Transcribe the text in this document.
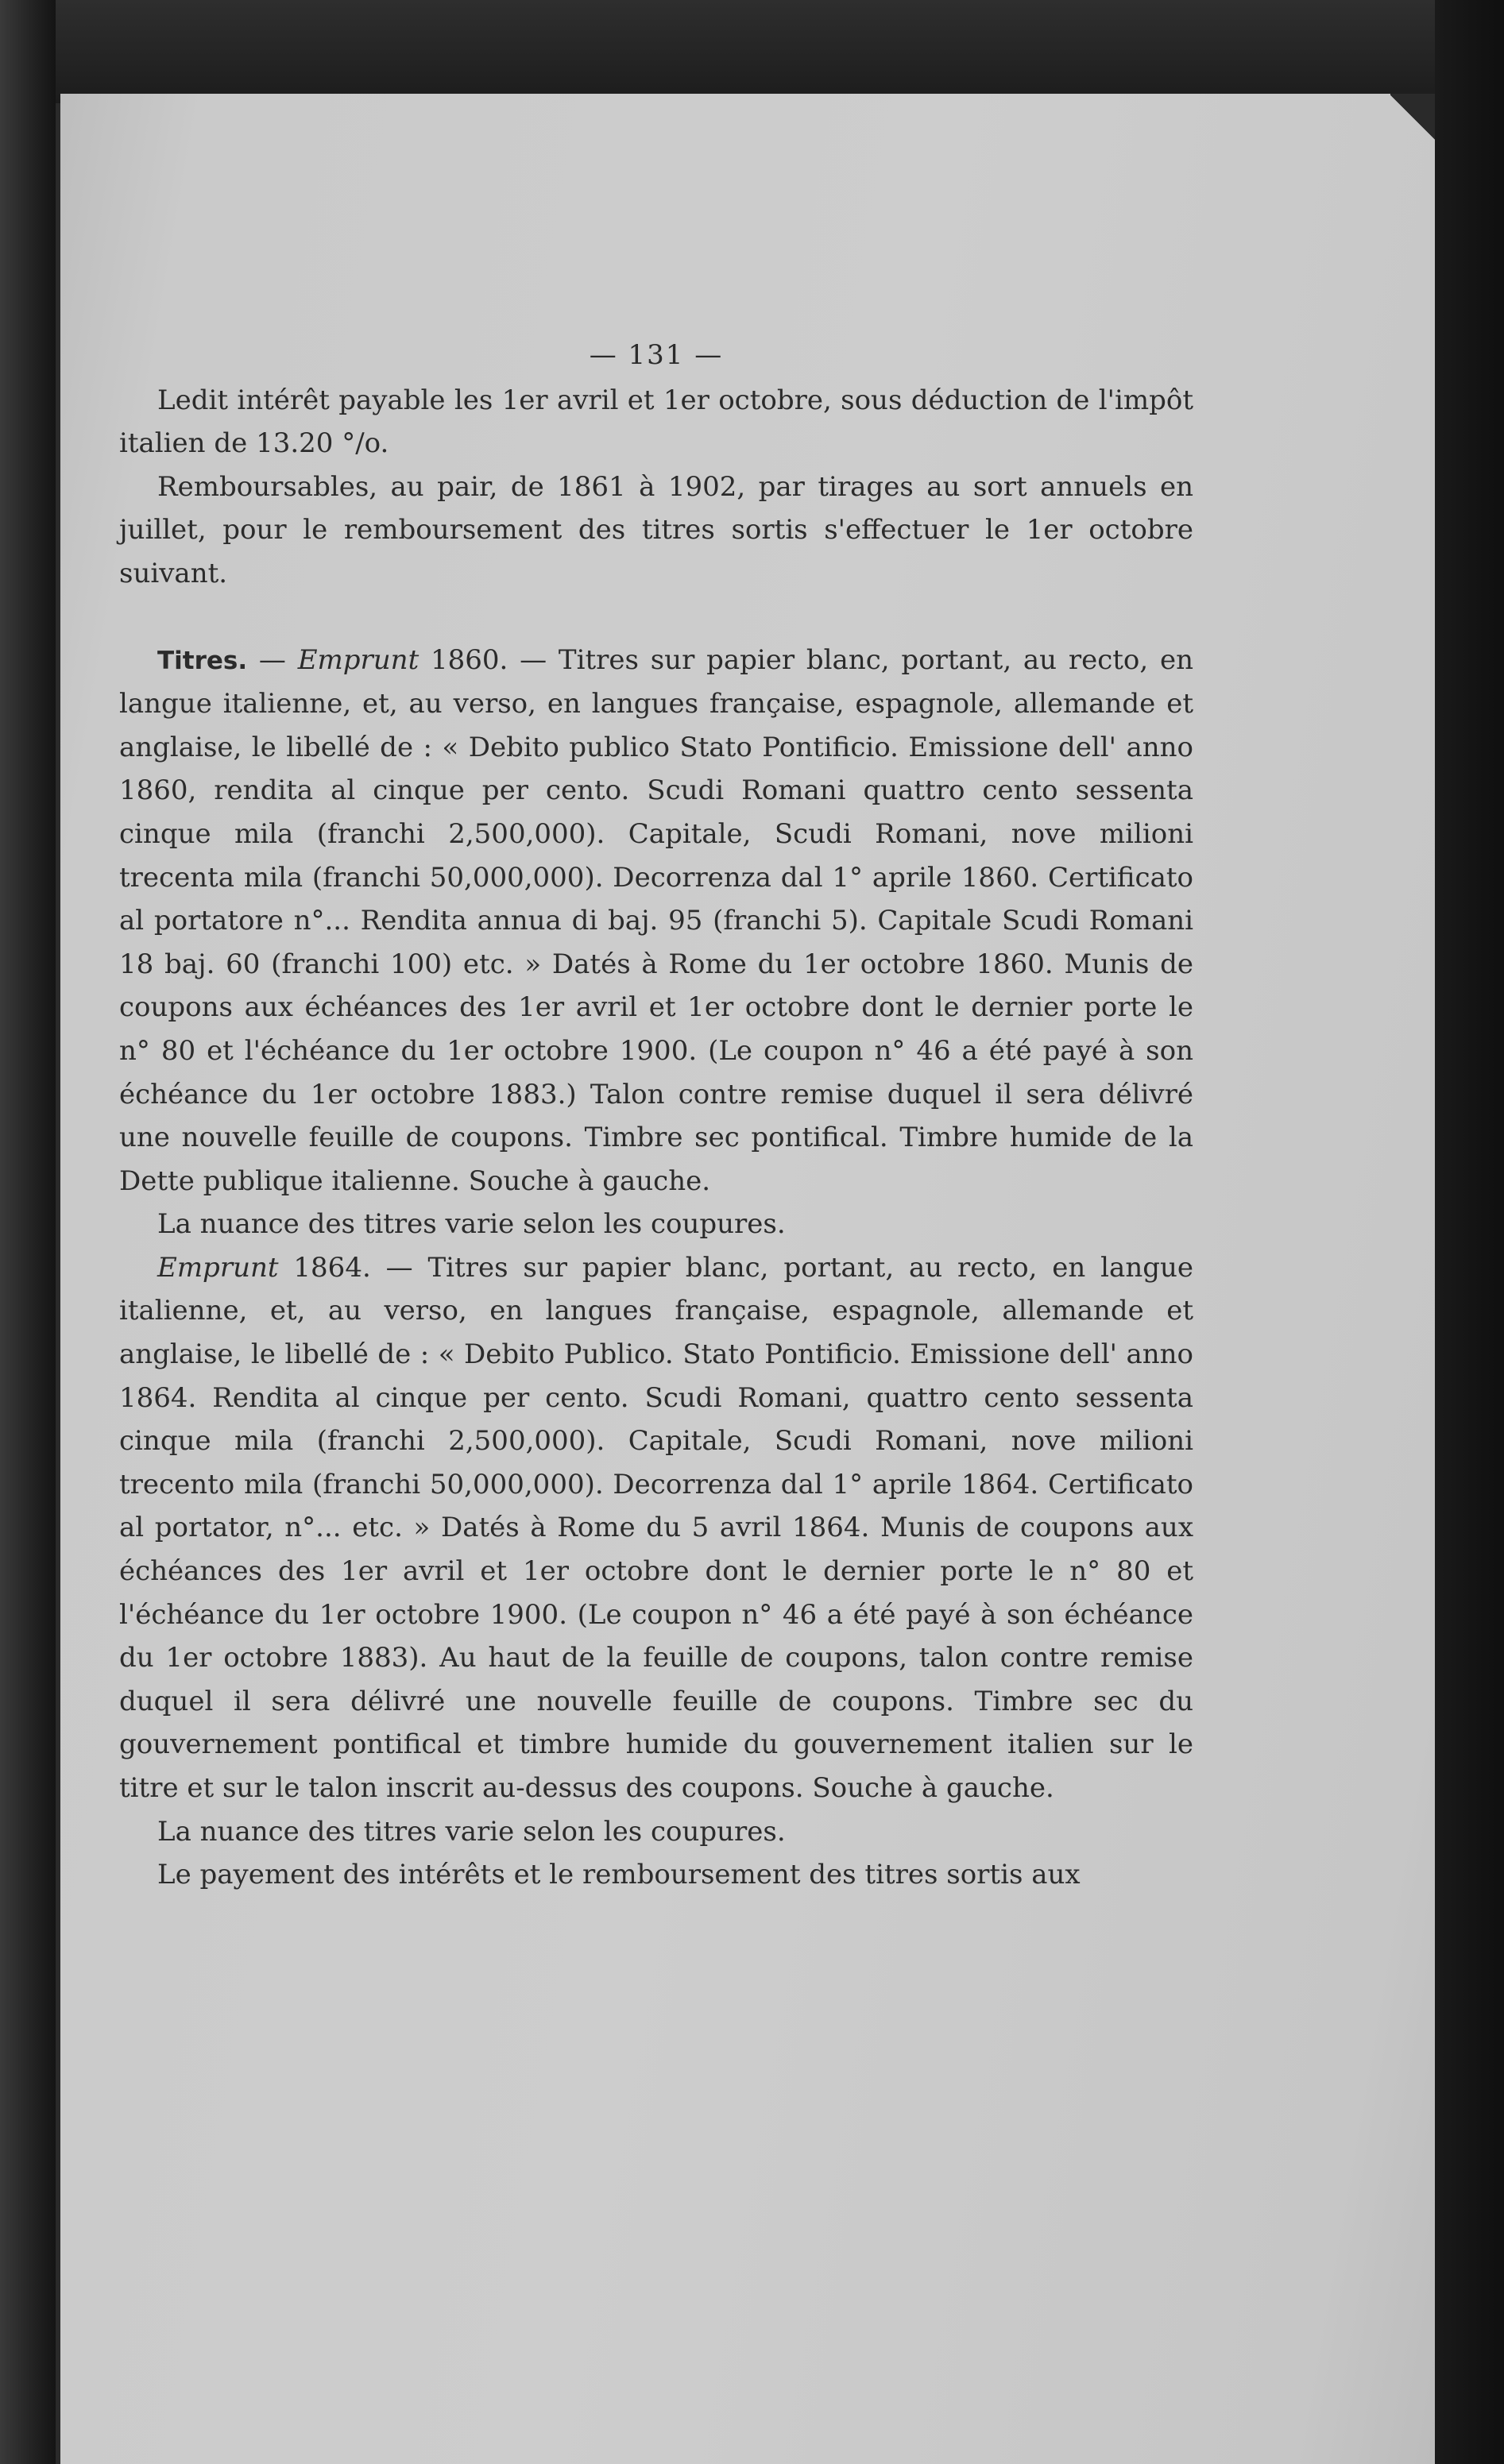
— 131 —

Ledit intérêt payable les 1er avril et 1er octobre, sous déduction de l'impôt italien de 13.20 °/o.

Remboursables, au pair, de 1861 à 1902, par tirages au sort annuels en juillet, pour le remboursement des titres sortis s'effectuer le 1er octobre suivant.

Titres. — Emprunt 1860. — Titres sur papier blanc, portant, au recto, en langue italienne, et, au verso, en langues française, espagnole, allemande et anglaise, le libellé de : « Debito publico Stato Pontificio. Emissione dell' anno 1860, rendita al cinque per cento. Scudi Romani quattro cento sessenta cinque mila (franchi 2,500,000). Capitale, Scudi Romani, nove milioni trecenta mila (franchi 50,000,000). Decorrenza dal 1° aprile 1860. Certificato al portatore n°... Rendita annua di baj. 95 (franchi 5). Capitale Scudi Romani 18 baj. 60 (franchi 100) etc. » Datés à Rome du 1er octobre 1860. Munis de coupons aux échéances des 1er avril et 1er octobre dont le dernier porte le n° 80 et l'échéance du 1er octobre 1900. (Le coupon n° 46 a été payé à son échéance du 1er octobre 1883.) Talon contre remise duquel il sera délivré une nouvelle feuille de coupons. Timbre sec pontifical. Timbre humide de la Dette publique italienne. Souche à gauche.

La nuance des titres varie selon les coupures.

Emprunt 1864. — Titres sur papier blanc, portant, au recto, en langue italienne, et, au verso, en langues française, espagnole, allemande et anglaise, le libellé de : « Debito Publico. Stato Pontificio. Emissione dell' anno 1864. Rendita al cinque per cento. Scudi Romani, quattro cento sessenta cinque mila (franchi 2,500,000). Capitale, Scudi Romani, nove milioni trecento mila (franchi 50,000,000). Decorrenza dal 1° aprile 1864. Certificato al portator, n°... etc. » Datés à Rome du 5 avril 1864. Munis de coupons aux échéances des 1er avril et 1er octobre dont le dernier porte le n° 80 et l'échéance du 1er octobre 1900. (Le coupon n° 46 a été payé à son échéance du 1er octobre 1883). Au haut de la feuille de coupons, talon contre remise duquel il sera délivré une nouvelle feuille de coupons. Timbre sec du gouvernement pontifical et timbre humide du gouvernement italien sur le titre et sur le talon inscrit au-dessus des coupons. Souche à gauche.

La nuance des titres varie selon les coupures.

Le payement des intérêts et le remboursement des titres sortis aux
